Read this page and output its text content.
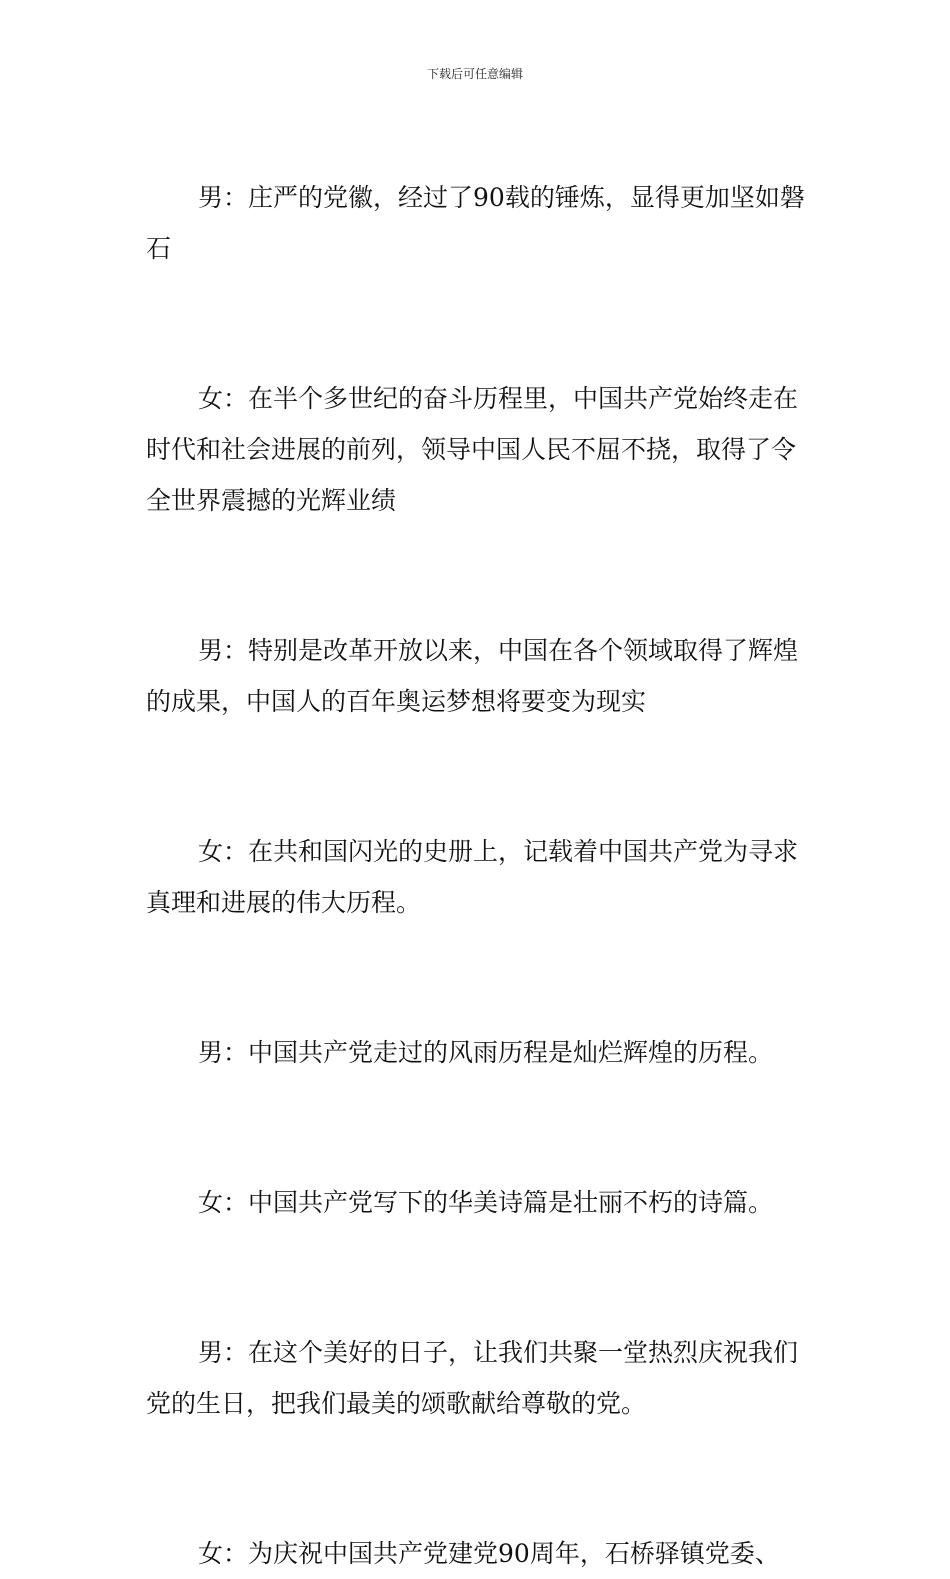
下载后可任意编辑

男：庄严的党徽，经过了90载的锤炼，显得更加坚如磐石

女：在半个多世纪的奋斗历程里，中国共产党始终走在时代和社会进展的前列，领导中国人民不屈不挠，取得了令全世界震撼的光辉业绩

男：特别是改革开放以来，中国在各个领域取得了辉煌的成果，中国人的百年奥运梦想将要变为现实

女：在共和国闪光的史册上，记载着中国共产党为寻求真理和进展的伟大历程。

男：中国共产党走过的风雨历程是灿烂辉煌的历程。

女：中国共产党写下的华美诗篇是壮丽不朽的诗篇。

男：在这个美好的日子，让我们共聚一堂热烈庆祝我们党的生日，把我们最美的颂歌献给尊敬的党。

女：为庆祝中国共产党建党90周年，石桥驿镇党委、
